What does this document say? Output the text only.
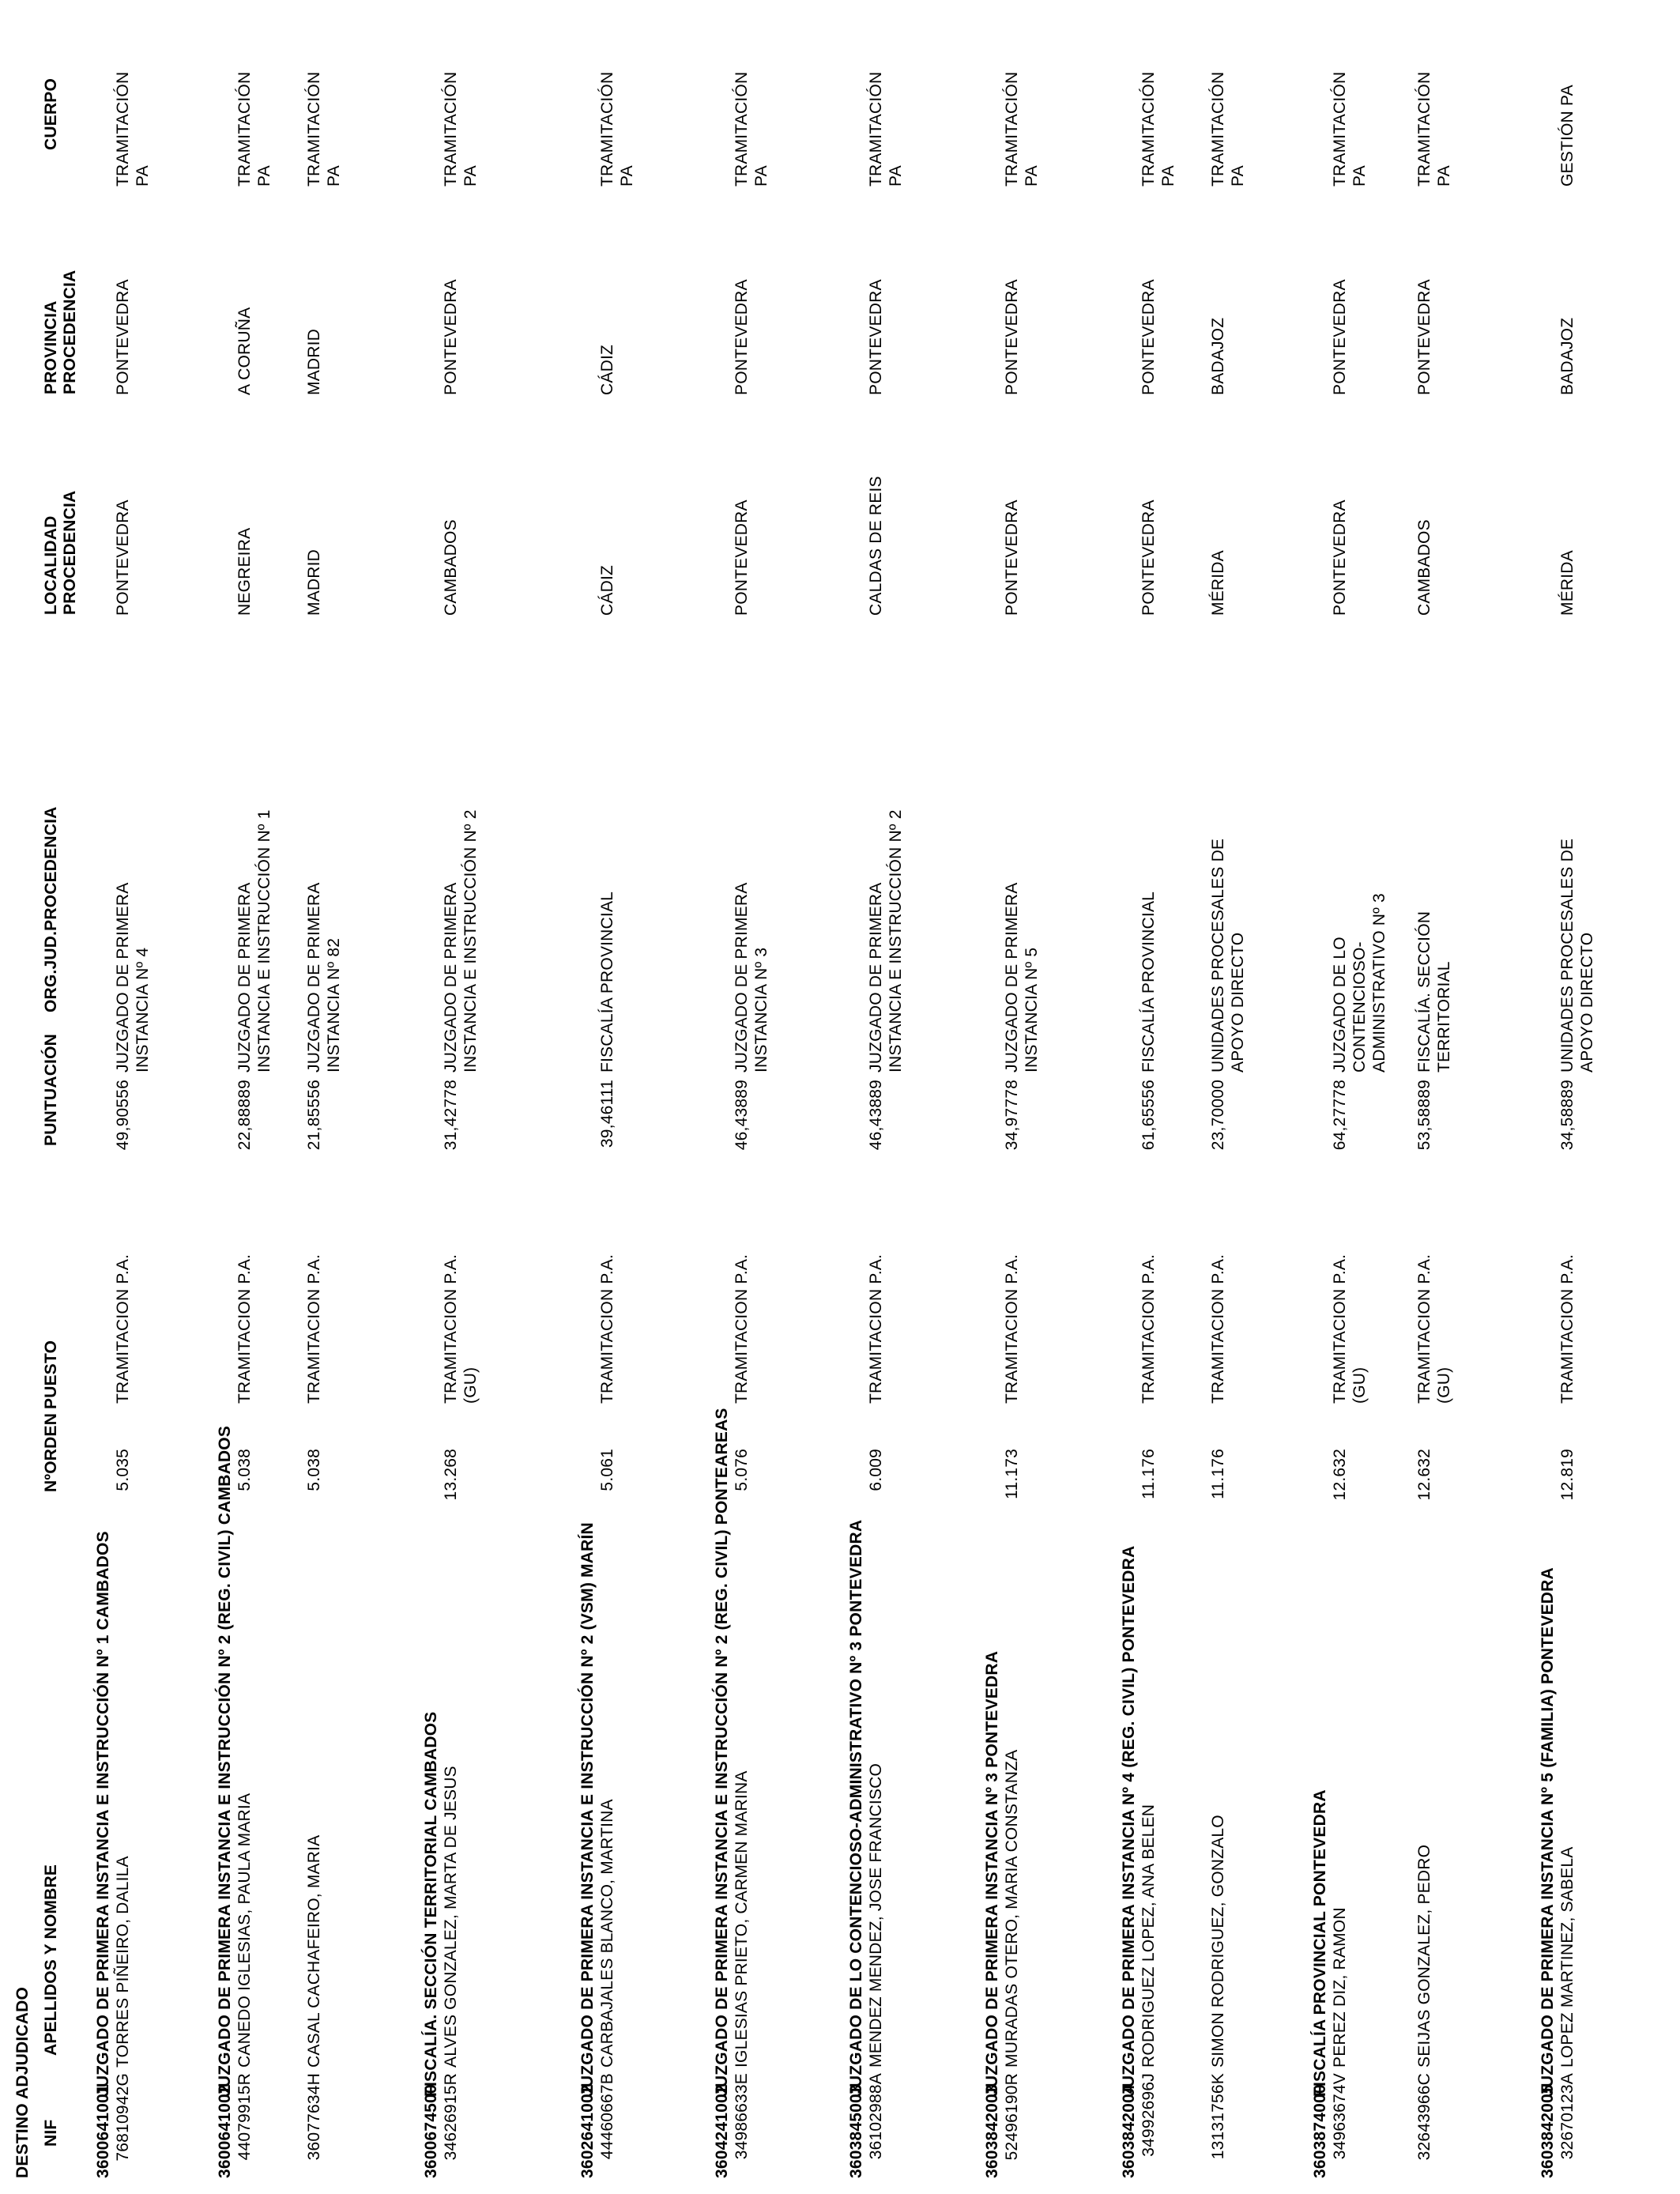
DESTINO ADJUDICADO NIF
APELLIDOS Y NOMBRE
NºORDEN
PUESTO
PUNTUACIÓN
ORG.JUD.PROCEDENCIA
LOCALIDAD PROCEDENCIA
PROVINCIA PROCEDENCIA
CUERPO
3600641001
JUZGADO DE PRIMERA INSTANCIA E INSTRUCCIÓN Nº 1 CAMBADOS
76810942G
TORRES PIÑEIRO, DALILA
5.035
TRAMITACION P.A.
49,90556
JUZGADO DE PRIMERA INSTANCIA Nº 4
PONTEVEDRA
PONTEVEDRA
TRAMITACIÓN PA
3600641002
JUZGADO DE PRIMERA INSTANCIA E INSTRUCCIÓN Nº 2 (REG. CIVIL) CAMBADOS
44079915R
CANEDO IGLESIAS, PAULA MARIA
5.038
TRAMITACION P.A.
22,88889
JUZGADO DE PRIMERA INSTANCIA E INSTRUCCIÓN Nº 1
NEGREIRA
A CORUÑA
TRAMITACIÓN PA
36077634H
CASAL CACHAFEIRO, MARIA
5.038
TRAMITACION P.A.
21,85556
JUZGADO DE PRIMERA INSTANCIA Nº 82
MADRID
MADRID
TRAMITACIÓN PA
3600674500
FISCALÍA. SECCIÓN TERRITORIAL CAMBADOS
34626915R
ALVES GONZALEZ, MARTA DE JESUS
13.268
TRAMITACION P.A. (GU)
31,42778
JUZGADO DE PRIMERA INSTANCIA E INSTRUCCIÓN Nº 2
CAMBADOS
PONTEVEDRA
TRAMITACIÓN PA
3602641002
JUZGADO DE PRIMERA INSTANCIA E INSTRUCCIÓN Nº 2 (VSM) MARÍN
44460667B
CARBAJALES BLANCO, MARTINA
5.061
TRAMITACION P.A.
39,46111
FISCALÍA PROVINCIAL
CÁDIZ
CÁDIZ
TRAMITACIÓN PA
3604241002
JUZGADO DE PRIMERA INSTANCIA E INSTRUCCIÓN Nº 2 (REG. CIVIL) PONTEAREAS
34986633E
IGLESIAS PRIETO, CARMEN MARINA
5.076
TRAMITACION P.A.
46,43889
JUZGADO DE PRIMERA INSTANCIA Nº 3
PONTEVEDRA
PONTEVEDRA
TRAMITACIÓN PA
3603845003
JUZGADO DE LO CONTENCIOSO-ADMINISTRATIVO Nº 3 PONTEVEDRA
36102988A
MENDEZ MENDEZ, JOSE FRANCISCO
6.009
TRAMITACION P.A.
46,43889
JUZGADO DE PRIMERA INSTANCIA E INSTRUCCIÓN Nº 2
CALDAS DE REIS
PONTEVEDRA
TRAMITACIÓN PA
3603842003
JUZGADO DE PRIMERA INSTANCIA Nº 3 PONTEVEDRA
52496190R
MURADAS OTERO, MARIA CONSTANZA
11.173
TRAMITACION P.A.
34,97778
JUZGADO DE PRIMERA INSTANCIA Nº 5
PONTEVEDRA
PONTEVEDRA
TRAMITACIÓN PA
3603842004
JUZGADO DE PRIMERA INSTANCIA Nº 4 (REG. CIVIL) PONTEVEDRA
34992696J
RODRIGUEZ LOPEZ, ANA BELEN
11.176
TRAMITACION P.A.
61,65556
FISCALÍA PROVINCIAL
PONTEVEDRA
PONTEVEDRA
TRAMITACIÓN PA
13131756K
SIMON RODRIGUEZ, GONZALO
11.176
TRAMITACION P.A.
23,70000
UNIDADES PROCESALES DE APOYO DIRECTO
MÉRIDA
BADAJOZ
TRAMITACIÓN PA
3603874000
FISCALÍA PROVINCIAL PONTEVEDRA
34963674V
PEREZ DIZ, RAMON
12.632
TRAMITACION P.A. (GU)
64,27778
JUZGADO DE LO CONTENCIOSO- ADMINISTRATIVO Nº 3
PONTEVEDRA
PONTEVEDRA
TRAMITACIÓN PA
32643966C
SEIJAS GONZALEZ, PEDRO
12.632
TRAMITACION P.A. (GU)
53,58889
FISCALÍA. SECCIÓN TERRITORIAL
CAMBADOS
PONTEVEDRA
TRAMITACIÓN PA
3603842005
JUZGADO DE PRIMERA INSTANCIA Nº 5 (FAMILIA) PONTEVEDRA
32670123A
LOPEZ MARTINEZ, SABELA
12.819
TRAMITACION P.A.
34,58889
UNIDADES PROCESALES DE APOYO DIRECTO
MÉRIDA
BADAJOZ
GESTIÓN PA
